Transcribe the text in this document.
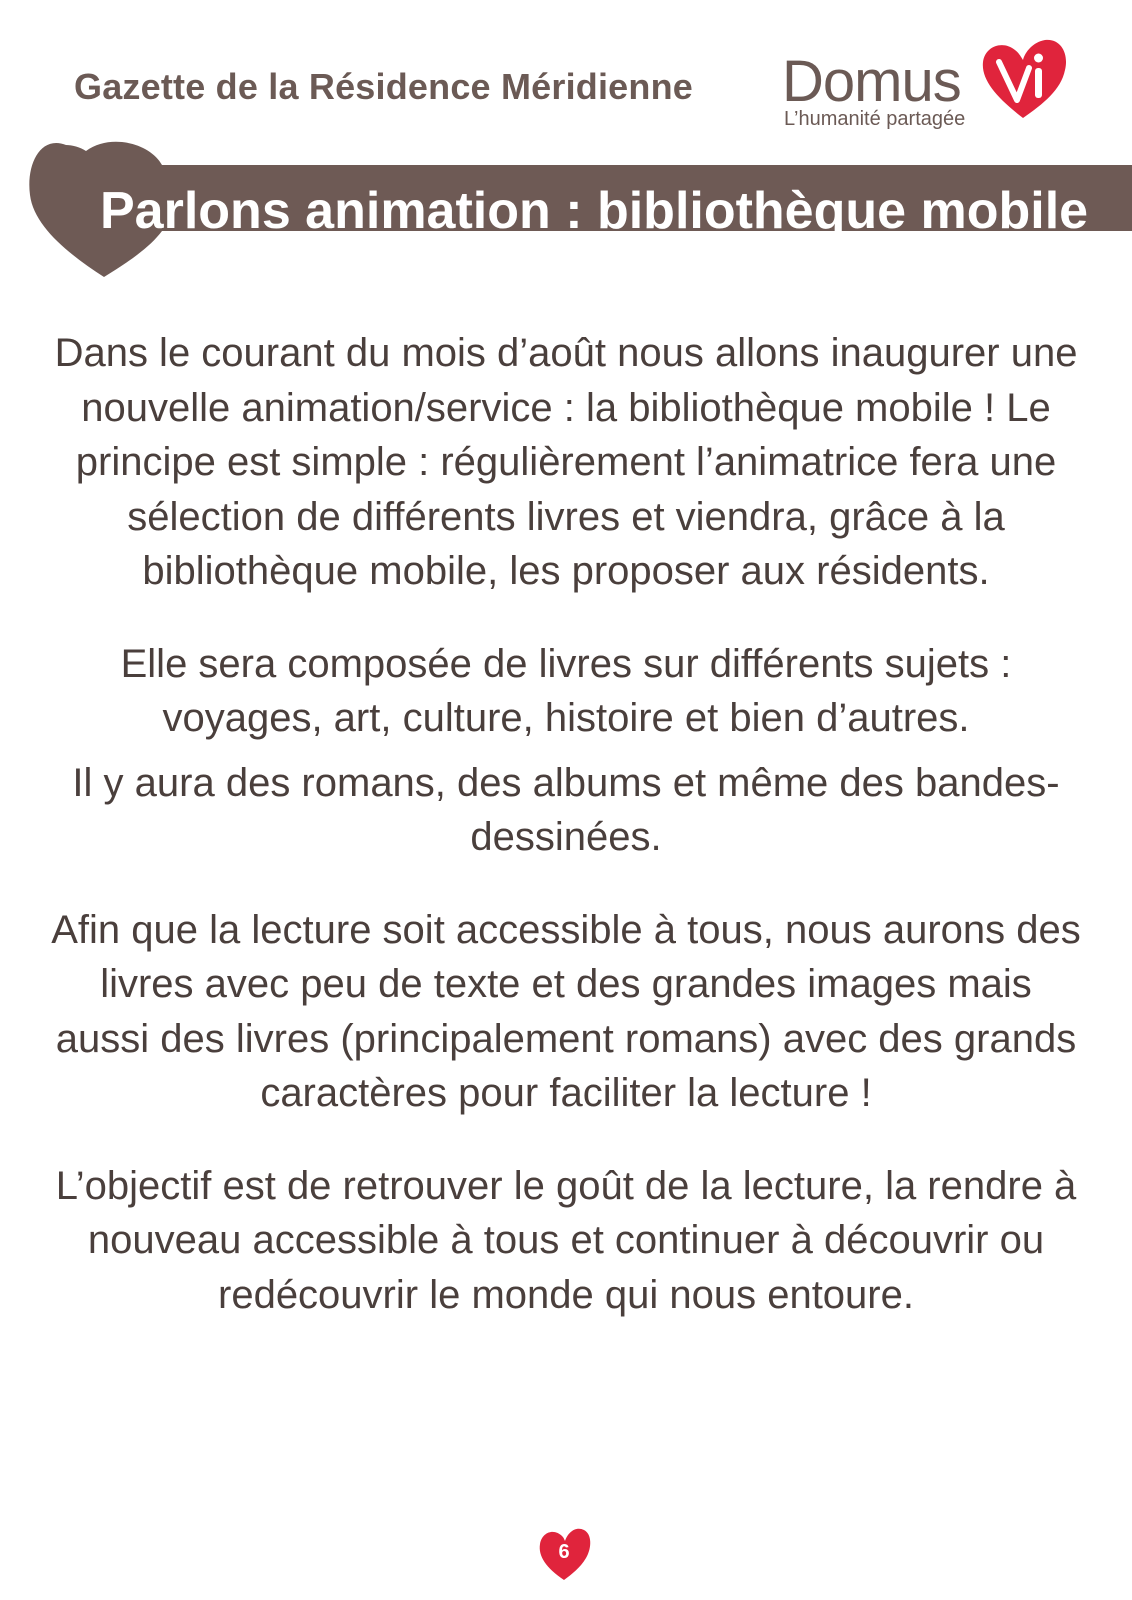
Gazette de la Résidence Méridienne Domus
L’humanité partagée
Parlons animation : bibliothèque mobile

Dans le courant du mois d’août nous allons inaugurer une nouvelle animation/service : la bibliothèque mobile ! Le principe est simple : régulièrement l’animatrice fera une sélection de différents livres et viendra, grâce à la bibliothèque mobile, les proposer aux résidents.

Elle sera composée de livres sur différents sujets : voyages, art, culture, histoire et bien d’autres.

Il y aura des romans, des albums et même des bandes-dessinées.

Afin que la lecture soit accessible à tous, nous aurons des livres avec peu de texte et des grandes images mais aussi des livres (principalement romans) avec des grands caractères pour faciliter la lecture !

L’objectif est de retrouver le goût de la lecture, la rendre à nouveau accessible à tous et continuer à découvrir ou redécouvrir le monde qui nous entoure.

6
